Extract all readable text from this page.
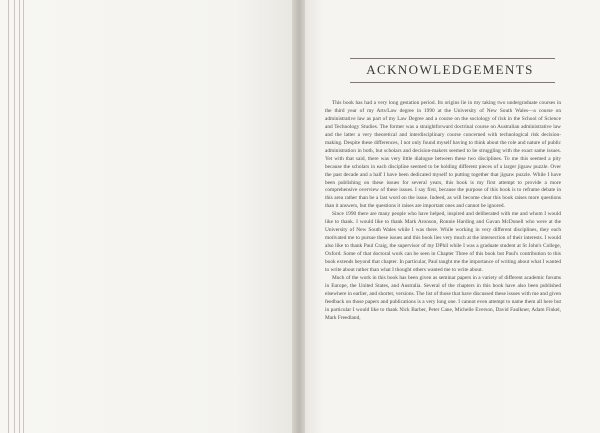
ACKNOWLEDGEMENTS

This book has had a very long gestation period. Its origins lie in my taking two undergraduate courses in the third year of my Arts/Law degree in 1990 at the University of New South Wales—a course on administrative law as part of my Law Degree and a course on the sociology of risk in the School of Science and Technology Studies. The former was a straightforward doctrinal course on Australian administrative law and the latter a very theoretical and interdisciplinary course concerned with technological risk decision-making. Despite these differences, I not only found myself having to think about the role and nature of public administration in both, but scholars and decision-makers seemed to be struggling with the exact same issues. Yet with that said, there was very little dialogue between these two disciplines. To me this seemed a pity because the scholars in each discipline seemed to be holding different pieces of a larger jigsaw puzzle. Over the past decade and a half I have been dedicated myself to putting together that jigsaw puzzle. While I have been publishing on these issues for several years, this book is my first attempt to provide a more comprehensive overview of these issues. I say first, because the purpose of this book is to reframe debate in this area rather than be a last word on the issue. Indeed, as will become clear this book raises more questions than it answers, but the questions it raises are important ones and cannot be ignored.

Since 1990 there are many people who have helped, inspired and deliberated with me and whom I would like to thank. I would like to thank Mark Aronson, Ronnie Harding and Gavan McDonell who were at the University of New South Wales while I was there. While working in very different disciplines, they each motivated me to pursue these issues and this book lies very much at the intersection of their interests. I would also like to thank Paul Craig, the supervisor of my DPhil while I was a graduate student at St John's College, Oxford. Some of that doctoral work can be seen in Chapter Three of this book but Paul's contribution to this book extends beyond that chapter. In particular, Paul taught me the importance of writing about what I wanted to write about rather than what I thought others wanted me to write about.

Much of the work in this book has been given as seminar papers in a variety of different academic forums in Europe, the United States, and Australia. Several of the chapters in this book have also been published elsewhere in earlier, and shorter, versions. The list of those that have discussed these issues with me and given feedback on those papers and publications is a very long one. I cannot even attempt to name them all here but in particular I would like to thank Nick Barber, Peter Cane, Michelle Everson, David Faulkner, Adam Finkel, Mark Freedland,
